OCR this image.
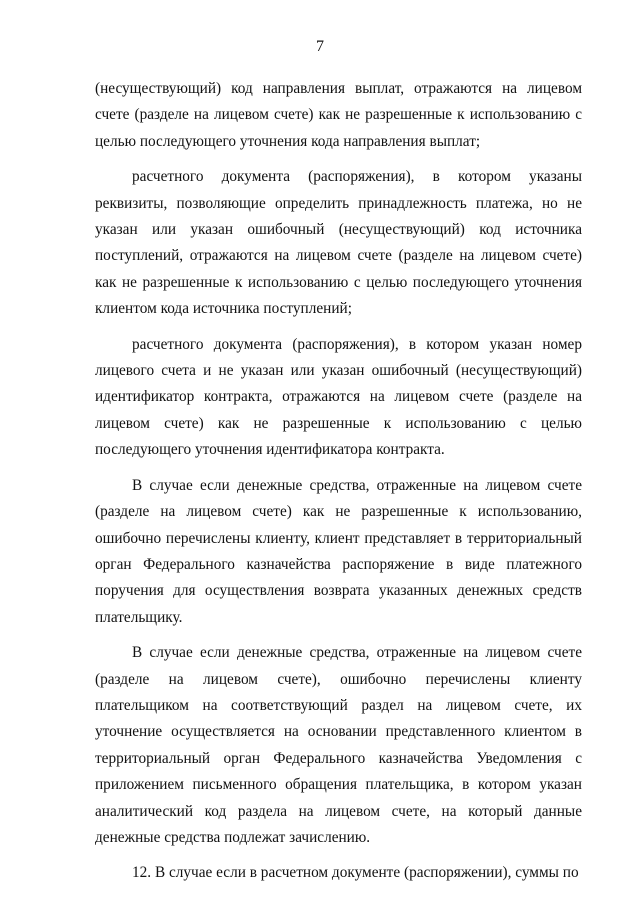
7

(несуществующий) код направления выплат, отражаются на лицевом счете (разделе на лицевом счете) как не разрешенные к использованию с целью последующего уточнения кода направления выплат;

расчетного документа (распоряжения), в котором указаны реквизиты, позволяющие определить принадлежность платежа, но не указан или указан ошибочный (несуществующий) код источника поступлений, отражаются на лицевом счете (разделе на лицевом счете) как не разрешенные к использованию с целью последующего уточнения клиентом кода источника поступлений;

расчетного документа (распоряжения), в котором указан номер лицевого счета и не указан или указан ошибочный (несуществующий) идентификатор контракта, отражаются на лицевом счете (разделе на лицевом счете) как не разрешенные к использованию с целью последующего уточнения идентификатора контракта.

В случае если денежные средства, отраженные на лицевом счете (разделе на лицевом счете) как не разрешенные к использованию, ошибочно перечислены клиенту, клиент представляет в территориальный орган Федерального казначейства распоряжение в виде платежного поручения для осуществления возврата указанных денежных средств плательщику.

В случае если денежные средства, отраженные на лицевом счете (разделе на лицевом счете), ошибочно перечислены клиенту плательщиком на соответствующий раздел на лицевом счете, их уточнение осуществляется на основании представленного клиентом в территориальный орган Федерального казначейства Уведомления с приложением письменного обращения плательщика, в котором указан аналитический код раздела на лицевом счете, на который данные денежные средства подлежат зачислению.

12. В случае если в расчетном документе (распоряжении), суммы по
